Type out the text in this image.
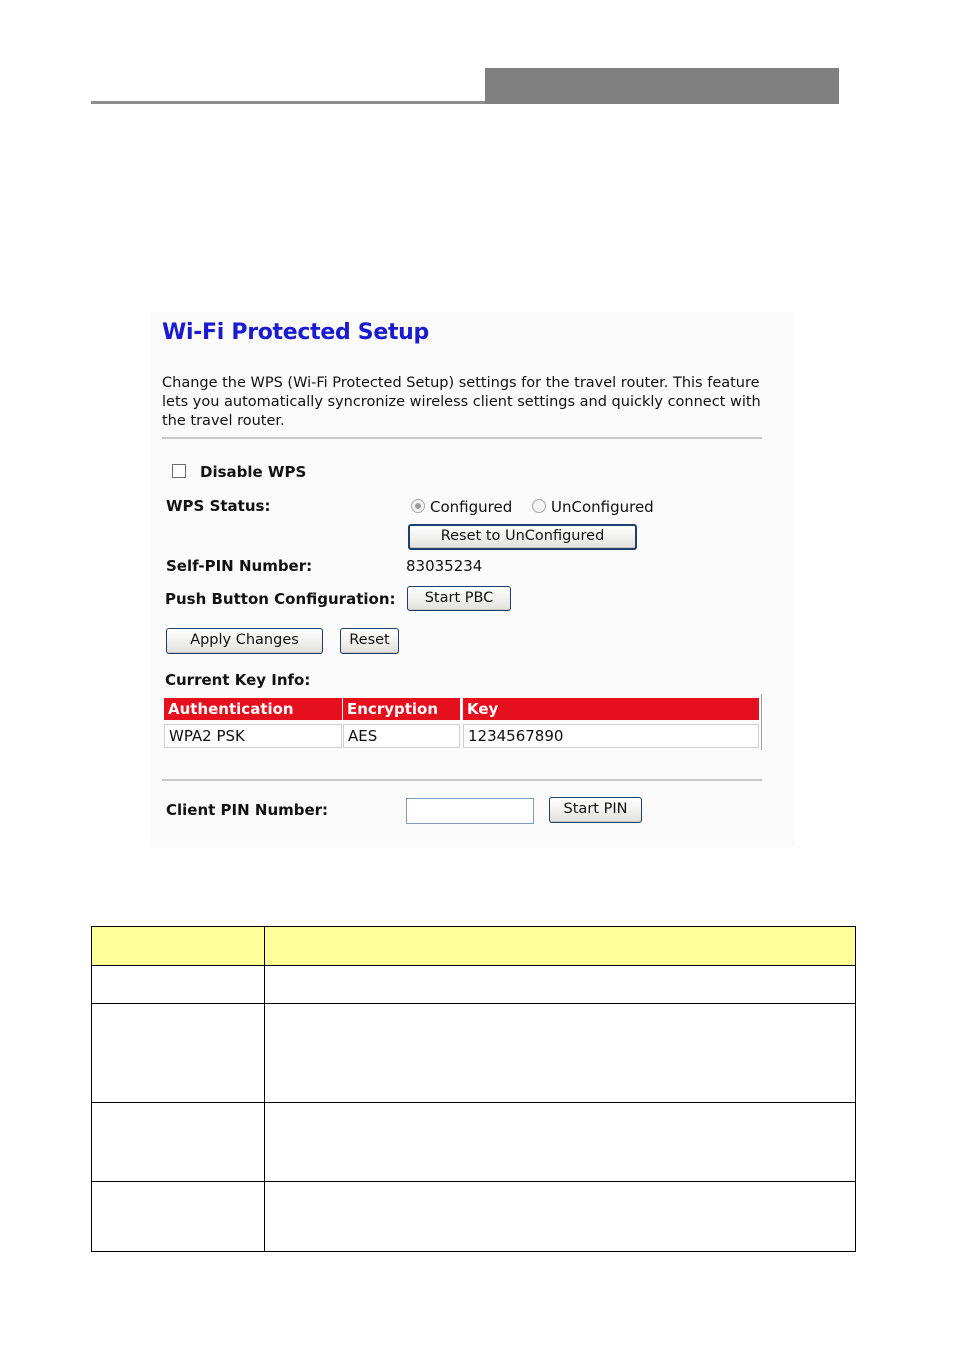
Wi-Fi Protected Setup
Change the WPS (Wi-Fi Protected Setup) settings for the travel router. This feature lets you automatically syncronize wireless client settings and quickly connect with the travel router.
Disable WPS
WPS Status:	Configured	UnConfigured
Reset to UnConfigured
Self-PIN Number:	83035234
Push Button Configuration:	Start PBC
Apply Changes	Reset
Current Key Info:
Authentication	Encryption	Key
WPA2 PSK	AES	1234567890
Client PIN Number:	Start PIN
